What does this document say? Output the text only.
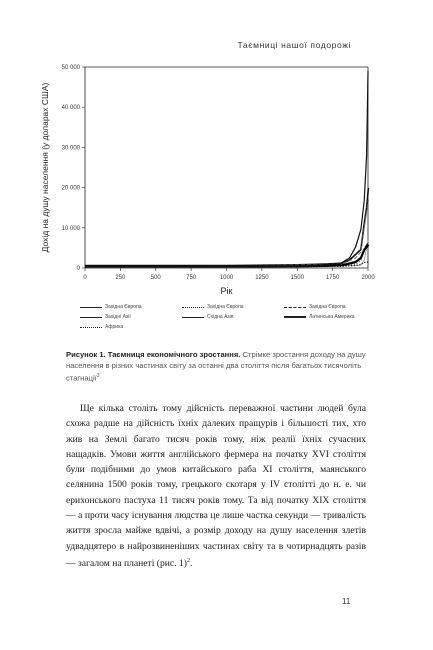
Таємниці нашої подорожі
0	250	500	750	1000	1250	1500	1750	2000
0
10 000
20 000
30 000
40 000
50 000
Рік
Дохід на душу населення (у доларах США)
Західна Європа	Західна Європа	Західна Європа
Західні Азії	Східна Азія	Латинська Америка
Африка
Рисунок 1. Таємниця економічного зростання. Стрімке зростання доходу на душу населення в різних частинах світу за останні два століття після багатьох тисячоліть стагнації$^3$

Ще кілька століть тому дійсність переважної частини людей була схожа радше на дійсність їхніх далеких пращурів і більшості тих, хто жив на Землі багато тисяч років тому, ніж реалії їхніх сучасних нащадків. Умови життя англійського фермера на початку XVI століття були подібними до умов китайського раба XI століття, маянського селянина 1500 років тому, грецького скотаря у IV столітті до н. е. чи ерихонського пастуха 11 тисяч років тому. Та від початку XIX століття — а проти часу існування людства це лише частка секунди — тривалість життя зросла майже вдвічі, а розмір доходу на душу населення злетів удвадцятеро в найрозвиненіших частинах світу та в чотирнадцять разів — загалом на планеті (рис. 1)$^2$.

11
